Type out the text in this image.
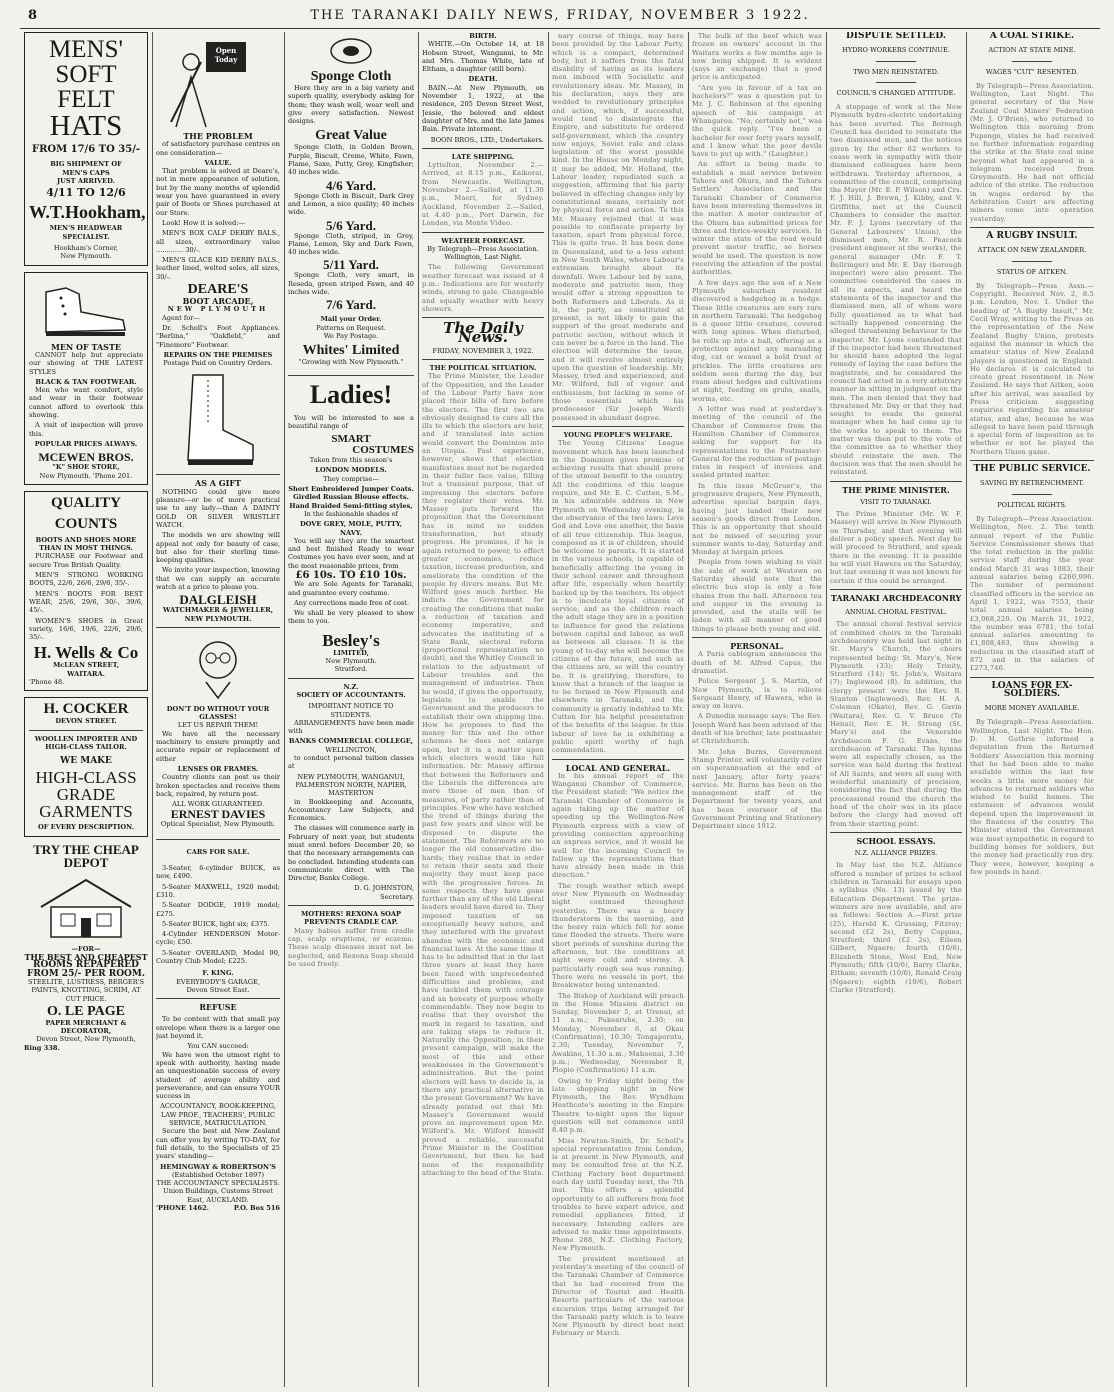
8	THE TARANAKI DAILY NEWS, FRIDAY, NOVEMBER 3 1922.
MENS'
SOFT FELT
HATS
FROM 17/6 TO 35/-
BIG SHIPMENT OF
MEN'S CAPS
JUST ARRIVED.
4/11 TO 12/6
W.T.Hookham,
MEN'S HEADWEAR SPECIALIST.
Hookham's Corner,
New Plymouth.
MEN OF TASTE

CANNOT help but appreciate our showing of THE LATEST STYLES

BLACK & TAN FOOTWEAR.

Men who want comfort, style and wear in their footwear cannot afford to overlook this showing.

A visit of inspection will prove this.

POPULAR PRICES ALWAYS.
MCEWEN BROS.
"K" SHOE STORE,
New Plymouth. 'Phone 201.
QUALITY
COUNTS
BOOTS AND SHOES MORE THAN IN MOST THINGS.

PURCHASE our Footwear and secure True British Quality.

MEN'S STRONG WORKING BOOTS, 22/6, 26/6, 29/6, 35/-.

MEN'S BOOTS FOR BEST WEAR, 25/6, 29/6, 30/-, 39/6, 45/-.

WOMEN'S SHOES in Great variety, 16/6, 19/6, 22/6, 29/6, 35/-.

H. Wells & Co
McLEAN STREET,
WAITARA.
'Phone 48.
H. COCKER
DEVON STREET.
WOOLLEN IMPORTER AND HIGH-CLASS TAILOR.
WE MAKE
HIGH-CLASS
GRADE
GARMENTS
OF EVERY DESCRIPTION.
TRY THE CHEAP
DEPOT
—FOR—
THE BEST AND CHEAPEST
ROOMS REPAPERED
FROM 25/- PER ROOM.

STEELITE, LUSTRESS, BERGER'S PAINTS, KNOTTING, SCRIM, AT CUT PRICE.

O. LE PAGE
PAPER MERCHANT & DECORATOR,
Devon Street, New Plymouth,
Ring 338.
Open Today
THE PROBLEM

of satisfactory purchase centres on one consideration—

VALUE.

That problem is solved at Deare's, not in mere appearance of solution, but by the many months of splendid wear you have guaranteed in every pair of Boots or Shoes purchased at our Store.

Look! How it is solved:—

MEN'S BOX CALF DERBY BALS., all sizes, extraordinary value ............. 30/-.

MEN'S GLACE KID DERBY BALS., leather lined, welted soles, all sizes, 30/-.

DEARE'S
BOOT ARCADE,
NEW PLYMOUTH

Agent for—

Dr. Scholl's Foot Appliances. "Berlina," "Oakfield," and "Finemore" Footwear.

REPAIRS ON THE PREMISES
Postage Paid on Country Orders.
AS A GIFT

NOTHING could give more pleasure—or be of more practical use to any lady—than A DAINTY GOLD OR SILVER WRISTLET WATCH.

The models we are showing will appeal not only for beauty of case, but also for their sterling time-keeping qualities.

We invite your inspection, knowing that we can supply an accurate watch at a price to please you.

DALGLEISH
WATCHMAKER & JEWELLER,
NEW PLYMOUTH.
DON'T DO WITHOUT YOUR GLASSES!
LET US REPAIR THEM!

We have all the necessary machinery to ensure promptly and accurate repair or replacement of either

LENSES OR FRAMES.

Country clients can post us their broken spectacles and receive them back, repaired, by return post.

ALL WORK GUARANTEED.
ERNEST DAVIES
Optical Specialist, New Plymouth.
CARS FOR SALE.

3-Seater, 6-cylinder BUICK, as new, £490.

5-Seater MAXWELL, 1920 model; £310.

5-Seater DODGE, 1919 model; £275.

5-Seater BUICK, light six; £375.

4-Cylinder HENDERSON Motor-cycle; £50.

5-Seater OVERLAND, Model 90, Country Club Model; £225.

F. KING.
EVERYBODY'S GARAGE,
Devon Street East.
REFUSE

To be content with that small pay envelope when there is a larger one just beyond it.

You CAN succeed:

We have won the utmost right to speak with authority, having made an unquestionable success of every student of average ability and perseverance, and can ensure YOUR success in

ACCOUNTANCY, BOOK-KEEPING, LAW PROF., TEACHERS', PUBLIC SERVICE, MATRICULATION.

Secure the best aid New Zealand can offer you by writing TO-DAY, for full details, to the Specialists of 25 years' standing—

HEMINGWAY & ROBERTSON'S
(Established October 1897)
THE ACCOUNTANCY SPECIALISTS.
Union Buildings, Customs Street East, AUCKLAND.
'PHONE 1462.	P.O. Box 516
Sponge Cloth

Here they are in a big variety and superb quality, everybody asking for them; they wash well, wear well and give every satisfaction. Newest designs.

Great Value

Sponge Cloth, in Golden Brown, Purple, Biscuit, Creme, White, Fawn, Flame, Saxe, Putty, Grey, Kingfisher; 40 inches wide.

4/6 Yard.

Sponge Cloth in Biscuit, Dark Grey and Lemon, a nice quality; 40 inches wide.

5/6 Yard.

Sponge Cloth, striped, in Grey, Flame, Lemon, Sky and Dark Fawn, 40 inches wide.

5/11 Yard.

Sponge Cloth, very smart, in Reseda, green striped Fawn, and 40 inches wide.

7/6 Yard.
Mail your Order.
Patterns on Request.
We Pay Postage.
Whites' Limited
"Growing with New Plymouth."
Ladies!

You will be interested to see a beautiful range of

SMART
COSTUMES

Taken from this season's

LONDON MODELS.

They comprise—

Short Embroidered Jumper Coats.
Girdled Russian Blouse effects.
Hand Braided Semi-fitting styles,

In the fashionable shades of

DOVE GREY, MOLE, PUTTY, NAVY.

You will say they are the smartest and best finished Ready to wear Costumes you have ever seen, and at the most reasonable prices, from

£6 10s. TO £10 10s.

We are Sole Agents for Taranaki, and guarantee every costume.

Any corrections made free of cost.

We shall be very pleased to show them to you.

Besley's
LIMITED,
New Plymouth.
Stratford.
N.Z.
SOCIETY OF ACCOUNTANTS.
IMPORTANT NOTICE TO STUDENTS.

ARRANGEMENTS have been made with

BANKS COMMERCIAL COLLEGE,
WELLINGTON,

to conduct personal tuition classes at

NEW PLYMOUTH, WANGANUI, PALMERSTON NORTH, NAPIER, MASTERTON

in Bookkeeping and Accounts, Accountancy Law Subjects, and Economics.

The classes will commence early in February of next year, but students must enrol before December 20, so that the necessary arrangements can be concluded. Intending students can communicate direct with The Director, Banks College.

D. G. JOHNSTON,
Secretary.
MOTHERS! REXONA SOAP PREVENTS CRADLE CAP.

Many babies suffer from cradle cap, scalp eruptions, or eczema. These scalp diseases must not be neglected, and Rexona Soap should be used freely.

BIRTH.

WHITE.—On October 14, at 18 Hobson Street, Wanganui, to Mr. and Mrs. Thomas White, late of Eltham, a daughter (still born).

DEATH.

BAIN.—At New Plymouth, on November 1, 1922, at the residence, 205 Devon Street West, Jessie, the beloved and eldest daughter of Mrs. and the late James Bain. Private interment.

BOON BROS., LTD., Undertakers.
LATE SHIPPING.

Lyttelton, November 2.—Arrived, at 8.15 p.m., Kaikorai, from Newcastle. Wellington, November 2.—Sailed, at 11.30 p.m., Maori, for Sydney. Auckland, November 2.—Sailed, at 4.40 p.m., Port Darwin, for London, via Monte Video.

WEATHER FORECAST.

By Telegraph—Press Association. Wellington, Last Night.

The following Government weather forecast was issued at 4 p.m.: Indications are for westerly winds, strong to gale. Changeable and squally weather with heavy showers.

The Daily News.
FRIDAY, NOVEMBER 3, 1922.
THE POLITICAL SITUATION.

The Prime Minister, the Leader of the Opposition, and the Leader of the Labour Party have now placed their bills of fare before the electors. The first two are obviously designed to cure all the ills to which the electors are heir, and if translated into action would convert the Dominion into an Utopia. Past experience, however, shows that election manifestoes must not be regarded in their fuller face value, filling but a transient purpose, that of impressing the electors before they register their votes. Mr. Massey puts forward the proposition that the Government has in mind no sudden transformation, but steady progress. He promises, if he is again returned to power, to effect greater economies, reduce taxation, increase production, and ameliorate the condition of the people by divers means. But Mr. Wilford goes much further. He indicts the Government for creating the conditions that make a reduction of taxation and economy imperative, and advocates the instituting of a State Bank, electoral reform (proportional representation no doubt), and the Whitley Council in relation to the adjustment of Labour troubles and the management of industries. Then he would, if given the opportunity, legislate to enable the Government and the producers to establish their own shipping line. How he proposes to find the money for this and the other schemes he does not enlarge upon, but it is a matter upon which electors would like full information. Mr. Massey affirms that between the Reformers and the Liberals the differences are more those of men than of measures, of party rather than of principles. Few who have watched the trend of things during the past few years and since will be disposed to dispute the statement. The Reformers are no longer the old conservative die-hards; they realise that in order to retain their seats and their majority they must keep pace with the progressive forces. In some respects they have gone further than any of the old Liberal leaders would have dared to. They imposed taxation of an exceptionally heavy nature, and they interfered with the greatest abandon with the economic and financial laws. At the same time it has to be admitted that in the last three years at least they have been faced with unprecedented difficulties and problems, and have tackled them with courage and an honesty of purpose wholly commendable. They now begin to realise that they overshot the mark in regard to taxation, and are taking steps to reduce it. Naturally the Opposition, in their present campaign, will make the most of this and other weaknesses in the Government's administration. But the point electors will have to decide is, is there any practical alternative in the present Government? We have already pointed out that Mr. Massey's Government would prove an improvement upon Mr. Wilford's. Mr. Wilford himself proved a reliable, successful Prime Minister in the Coalition Government, but then he had none of the responsibility attaching to the head of the State.

nary course of things, may have been provided by the Labour Party, which is a compact, determined body, but it suffers from the fatal disability of having as its leaders men imbued with Socialistic and revolutionary ideas. Mr. Massey, in his declaration, says they are wedded to revolutionary principles and action, which, if successful, would tend to disintegrate the Empire, and substitute for ordered self-government, which the country now enjoys, Soviet rule and class legislation of the worst possible kind. In the House on Monday night, it may be added, Mr. Holland, the Labour leader, repudiated such a suggestion, affirming that his party believed in effecting changes only by constitutional means, certainly not by physical force and action. To this Mr. Massey rejoined that it was possible to confiscate property by taxation, apart from physical force. This is quite true. It has been done in Queensland, and to a less extent in New South Wales, where Labour's extremism brought about its downfall. Were Labour led by sane, moderate and patriotic men, they would offer a strong opposition to both Reformers and Liberals. As it is, the party, as constituted at present, is not likely to gain the support of the great moderate and patriotic section, without which it can never be a force in the land. The election will determine the issue, and it will revolve almost entirely upon the question of leadership. Mr. Massey, tried and experienced, and Mr. Wilford, full of vigour and enthusiasm, but lacking in some of those essentials which his predecessor (Sir Joseph Ward) possessed in abundant degree.

YOUNG PEOPLE'S WELFARE.

The Young Citizens' League movement which has been launched in the Dominion gives promise of achieving results that should prove of the utmost benefit to the country. All the conditions of this league require, and Mr. E. C. Cutten, S.M., in his admirable address in New Plymouth on Wednesday evening, is the observance of the two laws: Love God and Love one another, the basis of all true citizenship. This league, composed as it is of children, should be welcome to parents. It is started in the various schools, is capable of beneficially affecting the young in their school career and throughout after life, especially when heartily backed up by the teachers. Its object is to inculcate loyal citizens of service, and as the children reach the adult stage they are in a position to influence for good the relations between capital and labour, as well as between all classes. It is the young of to-day who will become the citizens of the future, and such as the citizens are, so will the country be. It is gratifying, therefore, to know that a branch of the league is to be formed in New Plymouth and elsewhere in Taranaki, and the community is greatly indebted to Mr. Cutten for his helpful presentation of the benefits of the league. In this labour of love he is exhibiting a public spirit worthy of high commendation.

LOCAL AND GENERAL.

In his annual report of the Wanganui Chamber of Commerce, the President stated: "We notice the Taranaki Chamber of Commerce is again taking up the matter of speeding up the Wellington-New Plymouth express with a view of providing connection approaching an express service, and it would be well for the incoming Council to follow up the representations that have already been made in this direction."

The rough weather which swept over New Plymouth on Wednesday night continued throughout yesterday. There was a heavy thunderstorm in the morning, and the heavy rain which fell for some time flooded the streets. There were short periods of sunshine during the afternoon, but the conditions at night were cold and stormy. A particularly rough sea was running. There were no vessels in port, the Breakwater being untenanted.

The Bishop of Auckland will preach in the Home Mission district on Sunday, November 5, at Urenui, at 11 a.m.; Pukearuhe, 2.30; on Monday, November 6, at Okau (Confirmation), 10.30; Tongaporutu, 2.30; Tuesday, November 7, Awakino, 11.30 a.m.; Mahoenui, 3.30 p.m.; Wednesday, November 8, Piopio (Confirmation) 11 a.m.

Owing to Friday night being the late shopping night in New Plymouth, the Rev. Wyndham Heathcote's meeting in the Empire Theatre to-night upon the liquor question will not commence until 8.40 p.m.

Miss Newton-Smith, Dr. Scholl's special representative from London, is at present in New Plymouth, and may be consulted free at the N.Z. Clothing Factory boot department each day until Tuesday next, the 7th inst. This offers a splendid opportunity to all sufferers from foot troubles to have expert advice, and remedial appliances fitted, if necessary. Intending callers are advised to make time appointments. Phone 288, N.Z. Clothing Factory, New Plymouth.

The president mentioned at yesterday's meeting of the council of the Taranaki Chamber of Commerce that he had received from the Director of Tourist and Health Resorts particulars of the various excursion trips being arranged for the Taranaki party which is to leave New Plymouth by direct boat next February or March.

The bulk of the beef which was frozen on owners' account in the Waitara works a few months ago is now being shipped. It is evident (says an exchange) that a good price is anticipated.

"Are you in favour of a tax on bachelors?" was a question put to Mr. J. C. Robinson at the opening speech of his campaign at Whangaroa. "No, certainly not," was the quick reply. "I've been a bachelor for over forty years myself, and I know what the poor devils have to put up with." (Laughter.)

An effort is being made to establish a mail service between Tahora and Ohura, and the Tahora Settlers' Association and the Taranaki Chamber of Commerce have been interesting themselves in the matter. A motor contractor of the Ohura has submitted prices for three and thrice-weekly services. In winter the state of the road would prevent motor traffic, so horses would be used. The question is now receiving the attention of the postal authorities.

A few days ago the son of a New Plymouth suburban resident discovered a hedgehog in a hedge. These little creatures are very rare in northern Taranaki. The hedgehog is a queer little creature, covered with long spines. When disturbed, he rolls up into a ball, offering as a protection against any marauding dog, cat or weasel a bold front of prickles. The little creatures are seldom seen during the day, but roam about hedges and cultivations at night, feeding on grubs, snails, worms, etc.

A letter was read at yesterday's meeting of the council of the Chamber of Commerce from the Hamilton Chamber of Commerce, asking for support for its representations to the Postmaster-General for the reduction of postage rates in respect of invoices and sealed printed matter.

In this issue McGruer's, the progressive drapers, New Plymouth, advertise special bargain days, having just landed their new season's goods direct from London. This is an opportunity that should not be missed of securing your summer wants to-day, Saturday and Monday at bargain prices.

People from town wishing to visit the sale of work at Westown on Saturday should note that the electric bus stop is only a few chains from the hall. Afternoon tea and supper in the evening is provided, and the stalls will be laden with all manner of good things to please both young and old.

PERSONAL.

A Paris cablegram announces the death of M. Alfred Capus, the dramatist.

Police Sergeant J. S. Martin, of New Plymouth, is to relieve Sergeant Henry, of Hawera, who is away on leave.

A Dunedin message says: The Rev. Joseph Ward has been advised of the death of his brother, late postmaster at Christchurch.

Mr. John Burns, Government Stamp Printer, will voluntarily retire on superannuation at the end of next January, after forty years' service. Mr. Burns has been on the management staff of the Department for twenty years, and has been overseer of the Government Printing and Stationery Department since 1912.

DISPUTE SETTLED.
HYDRO WORKERS CONTINUE.
TWO MEN REINSTATED.
COUNCIL'S CHANGED ATTITUDE.

A stoppage of work at the New Plymouth hydro-electric undertaking has been averted. The Borough Council has decided to reinstate the two dismissed men, and the notices given by the other 62 workers to cease work in sympathy with their dismissed colleagues have been withdrawn. Yesterday afternoon, a committee of the council, comprising the Mayor (Mr. E. P. Wilson) and Crs. F. J. Hill, J. Brown, J. Kibby, and V. Griffiths, met at the Council Chambers to consider the matter. Mr. F. J. Lyons (secretary of the General Labourers' Union), the dismissed men, Mr. R. Peacock (resident engineer at the works), the general manager (Mr. F. T. Bellringer) and Mr. E. Day (borough inspector) were also present. The committee considered the cases in all its aspects, and heard the statements of the inspector and the dismissed men, all of whom were fully questioned as to what had actually happened concerning the alleged threatening behaviour to the inspector. Mr. Lyons contended that if the inspector had been threatened he should have adopted the legal remedy of laying the case before the magistrate, and he considered the council had acted in a very arbitrary manner in sitting in judgment on the men. The men denied that they had threatened Mr. Day or that they had sought to evade the general manager when he had come up to the works to speak to them. The matter was then put to the vote of the committee as to whether they should reinstate the men. The decision was that the men should be reinstated.

THE PRIME MINISTER.
VISIT TO TARANAKI.

The Prime Minister (Mr. W. F. Massey) will arrive in New Plymouth on Thursday, and that evening will deliver a policy speech. Next day he will proceed to Stratford, and speak there in the evening. It is possible he will visit Hawera on the Saturday, but last evening it was not known for certain if this could be arranged.

TARANAKI ARCHDEACONRY
ANNUAL CHORAL FESTIVAL.

The annual choral festival service of combined choirs in the Taranaki archdeaconry was held last night in St. Mary's Church, the choirs represented being: St. Mary's, New Plymouth (33); Holy Trinity, Stratford (14); St. John's, Waitara (7); Inglewood (8). In addition, the clergy present were the Rev. R. Stanton (Inglewood), Rev. H. A. Coleman (Okato), Rev. G. Gavin (Waitara), Rev. G. V. Bruce (Te Henui), Rev. E. H. Strong (St. Mary's) and the Venerable Archdeacon F. G. Evans, the archdeacon of Taranaki. The hymns were all especially chosen, as the service was held during the festival of All Saints, and were all sung with wonderful unanimity of precision, considering the fact that during the processional round the church the head of the choir was in its place before the clergy had moved off from their starting point.

SCHOOL ESSAYS.
N.Z. ALLIANCE PRIZES.

In May last the N.Z. Alliance offered a number of prizes to school children in Taranaki for essays upon a syllabus (No. 13) issued by the Education Department. The prize-winners are now available, and are as follows: Section A.—First prize (25), Harold K. Grussing, Fitzroy; second (£2 2s), Betty Coppins, Stratford; third (£2 2s), Eileen Gilbert, Ngaere; fourth (10/6), Elizabeth Stone, West End, New Plymouth; fifth (10/6), Barry Clarke, Eltham; seventh (10/6), Ronald Craig (Ngaere); eighth (10/6), Robert Clarke (Stratford).

A COAL STRIKE.
ACTION AT STATE MINE.
WAGES "CUT" RESENTED.

By Telegraph—Press Association. Wellington, Last Night. The general secretary of the New Zealand Coal Miners' Federation (Mr. J. O'Brien), who returned to Wellington this morning from Pupongo, states he had received no further information regarding the strike at the State coal mine beyond what had appeared in a telegram received from Greymouth. He had not official advice of the strike. The reduction in wages ordered by the Arbitration Court are affecting miners come into operation yesterday.

A RUGBY INSULT.
ATTACK ON NEW ZEALANDER.
STATUS OF AITKEN.

By Telegraph—Press Assn.—Copyright. Received Nov. 2, 8.5 p.m. London, Nov. 1. Under the heading of "A Rugby Insult," Mr. Cecil Wray, writing to the Press on the representation of the New Zealand Rugby Union, protests against the manner in which the amateur status of New Zealand players is questioned in England. He declares it is calculated to create great resentment in New Zealand. He says that Aitken, soon after his arrival, was assailed by Press criticism suggesting enquiries regarding his amateur status, and also, because he was alleged to have been paid through a special form of imposition as to whether or not he played the Northern Union game.

THE PUBLIC SERVICE.
SAVING BY RETRENCHMENT.
POLITICAL RIGHTS.

By Telegraph—Press Association. Wellington, Nov. 2. The tenth annual report of the Public Service Commissioner shows that the total reduction in the public service staff during the year ended March 31 was 1083, their annual salaries being £260,996. The number of permanent classified officers in the service on April 1, 1922, was 7553, their total annual salaries being £3,068,220. On March 31, 1922, the number was 6781, the total annual salaries amounting to £1,808,483, thus showing a reduction in the classified staff of 872 and in the salaries of £273,746.

LOANS FOR EX-SOLDIERS.
MORE MONEY AVAILABLE.

By Telegraph—Press Association. Wellington, Last Night. The Hon. D. H. Guthrie informed a deputation from the Returned Soldiers' Association this morning that he had been able to make available within the last few weeks a little more money for advances to returned soldiers who wished to build homes. The extension of advances would depend upon the improvement in the finances of the country. The Minister stated the Government was most sympathetic in regard to building homes for soldiers, but the money had practically run dry. They were, however, keeping a few pounds in hand.
